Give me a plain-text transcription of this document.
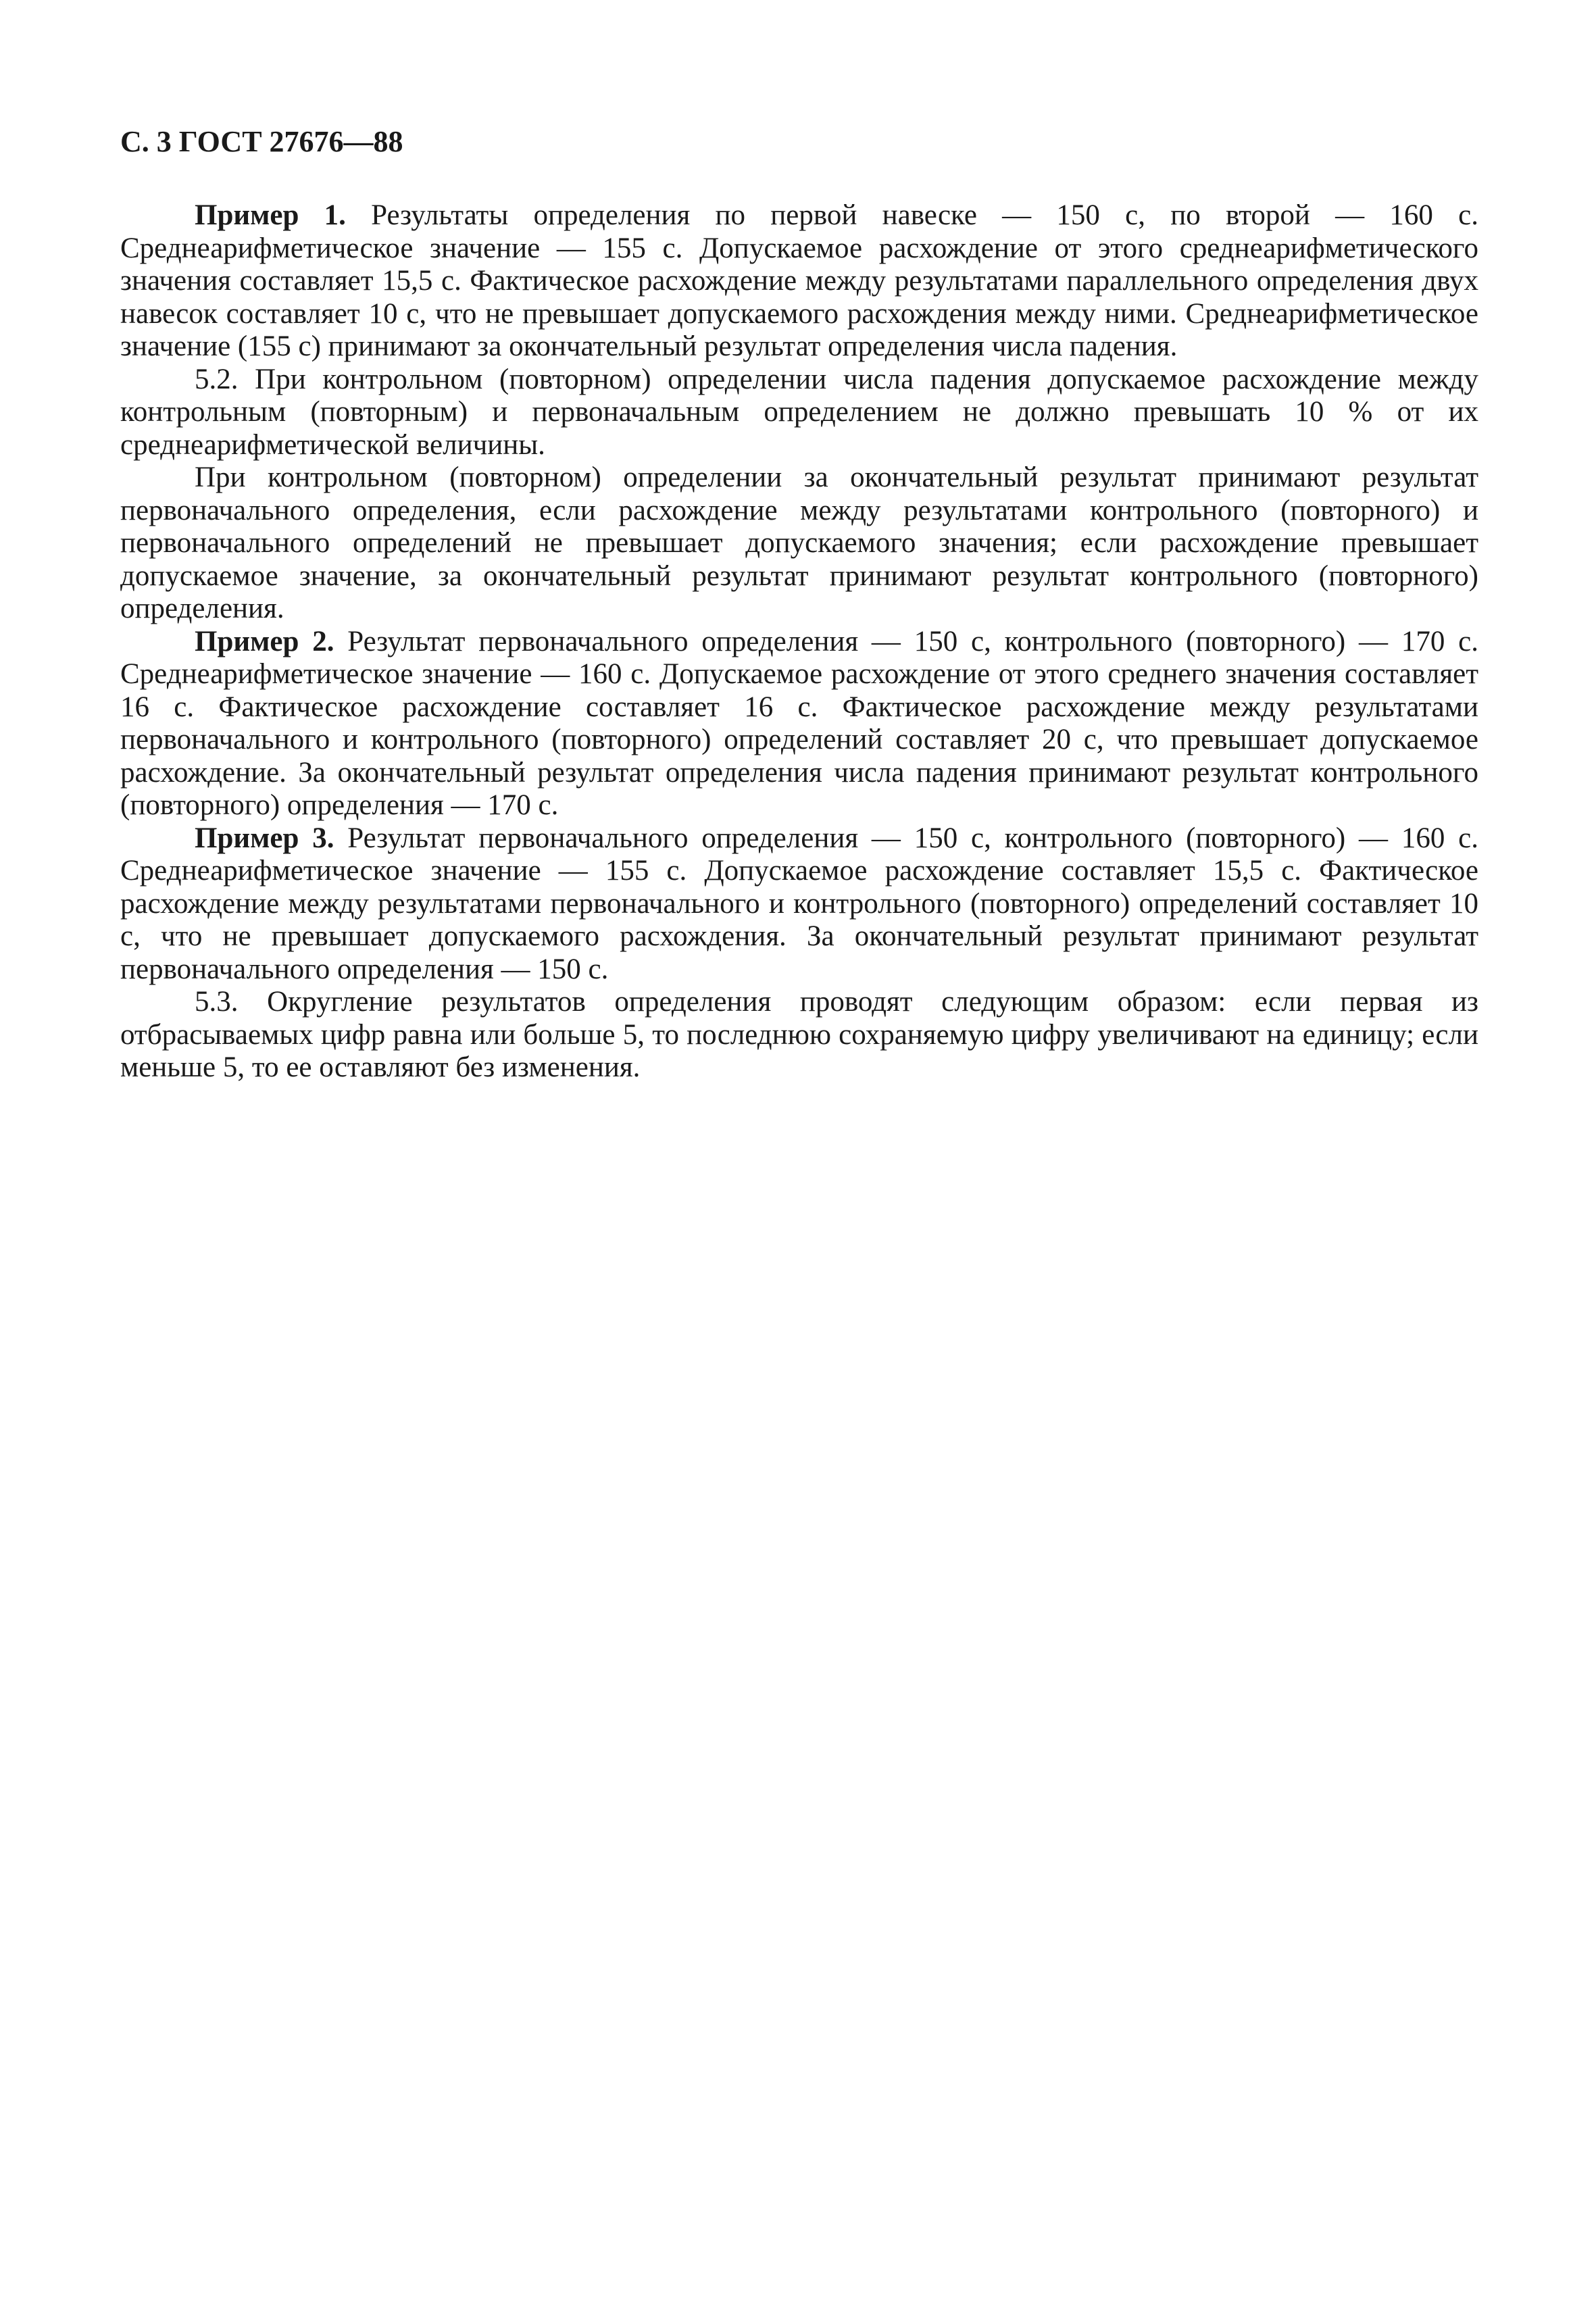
С. 3 ГОСТ 27676—88

Пример 1. Результаты определения по первой навеске — 150 с, по второй — 160 с. Среднеарифметическое значение — 155 с. Допускаемое расхождение от этого среднеарифметического значения составляет 15,5 с. Фактическое расхождение между результатами параллельного определения двух навесок составляет 10 с, что не превышает допускаемого расхождения между ними. Среднеарифметическое значение (155 с) принимают за окончательный результат определения числа падения.

5.2. При контрольном (повторном) определении числа падения допускаемое расхождение между контрольным (повторным) и первоначальным определением не должно превышать 10 % от их среднеарифметической величины.

При контрольном (повторном) определении за окончательный результат принимают результат первоначального определения, если расхождение между результатами контрольного (повторного) и первоначального определений не превышает допускаемого значения; если расхождение превышает допускаемое значение, за окончательный результат принимают результат контрольного (повторного) определения.

Пример 2. Результат первоначального определения — 150 с, контрольного (повторного) — 170 с. Среднеарифметическое значение — 160 с. Допускаемое расхождение от этого среднего значения составляет 16 с. Фактическое расхождение составляет 16 с. Фактическое расхождение между результатами первоначального и контрольного (повторного) определений составляет 20 с, что превышает допускаемое расхождение. За окончательный результат определения числа падения принимают результат контрольного (повторного) определения — 170 с.

Пример 3. Результат первоначального определения — 150 с, контрольного (повторного) — 160 с. Среднеарифметическое значение — 155 с. Допускаемое расхождение составляет 15,5 с. Фактическое расхождение между результатами первоначального и контрольного (повторного) определений составляет 10 с, что не превышает допускаемого расхождения. За окончательный результат принимают результат первоначального определения — 150 с.

5.3. Округление результатов определения проводят следующим образом: если первая из отбрасываемых цифр равна или больше 5, то последнюю сохраняемую цифру увеличивают на единицу; если меньше 5, то ее оставляют без изменения.
